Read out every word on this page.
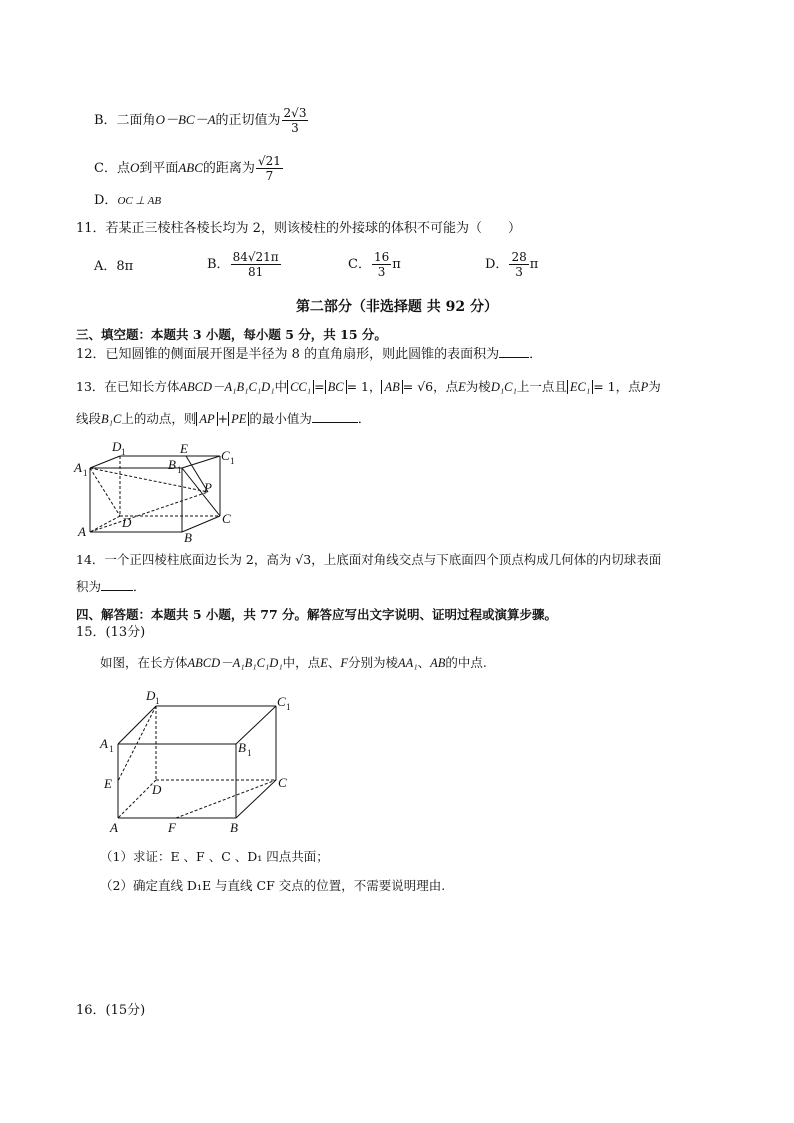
B．二面角O－BC－A的正切值为 $\frac{2√3}{3}$
C．点O到平面ABC的距离为 $\frac{√21}{7}$
D．OC ⊥ AB
11．若某正三棱柱各棱长均为 2，则该棱柱的外接球的体积不可能为（　　）
A．8π	B． $\frac{84√21\pi}{81}$	C． $\frac{16}{3}$ π	D． $\frac{28}{3}$ π
第二部分（非选择题 共 92 分）
三、填空题：本题共 3 小题，每小题 5 分，共 15 分。
12．已知圆锥的侧面展开图是半径为 8 的直角扇形，则此圆锥的表面积为 ．
13．在已知长方体ABCD－A₁B₁C₁D₁中 CC₁ = BC = 1， AB = √6，点E为棱D₁C₁上一点且 EC₁ = 1，点P为
线段B₁C上的动点，则 AP + PE 的最小值为	．
A 1
D 1	E
B 1
C 1
P
C
D
A	B
14．一个正四棱柱底面边长为 2，高为 √3，上底面对角线交点与下底面四个顶点构成几何体的内切球表面
积为	．
四、解答题：本题共 5 小题，共 77 分。解答应写出文字说明、证明过程或演算步骤。
15．(13分)
如图，在长方体ABCD－A₁B₁C₁D₁中，点E、F分别为棱AA₁、AB的中点.
D 1	C 1
A 1	B 1
E	D	C
A	F	B
（1）求证：E 、F 、C 、D₁ 四点共面；
（2）确定直线 D₁E 与直线 CF 交点的位置，不需要说明理由.
16．(15分)
